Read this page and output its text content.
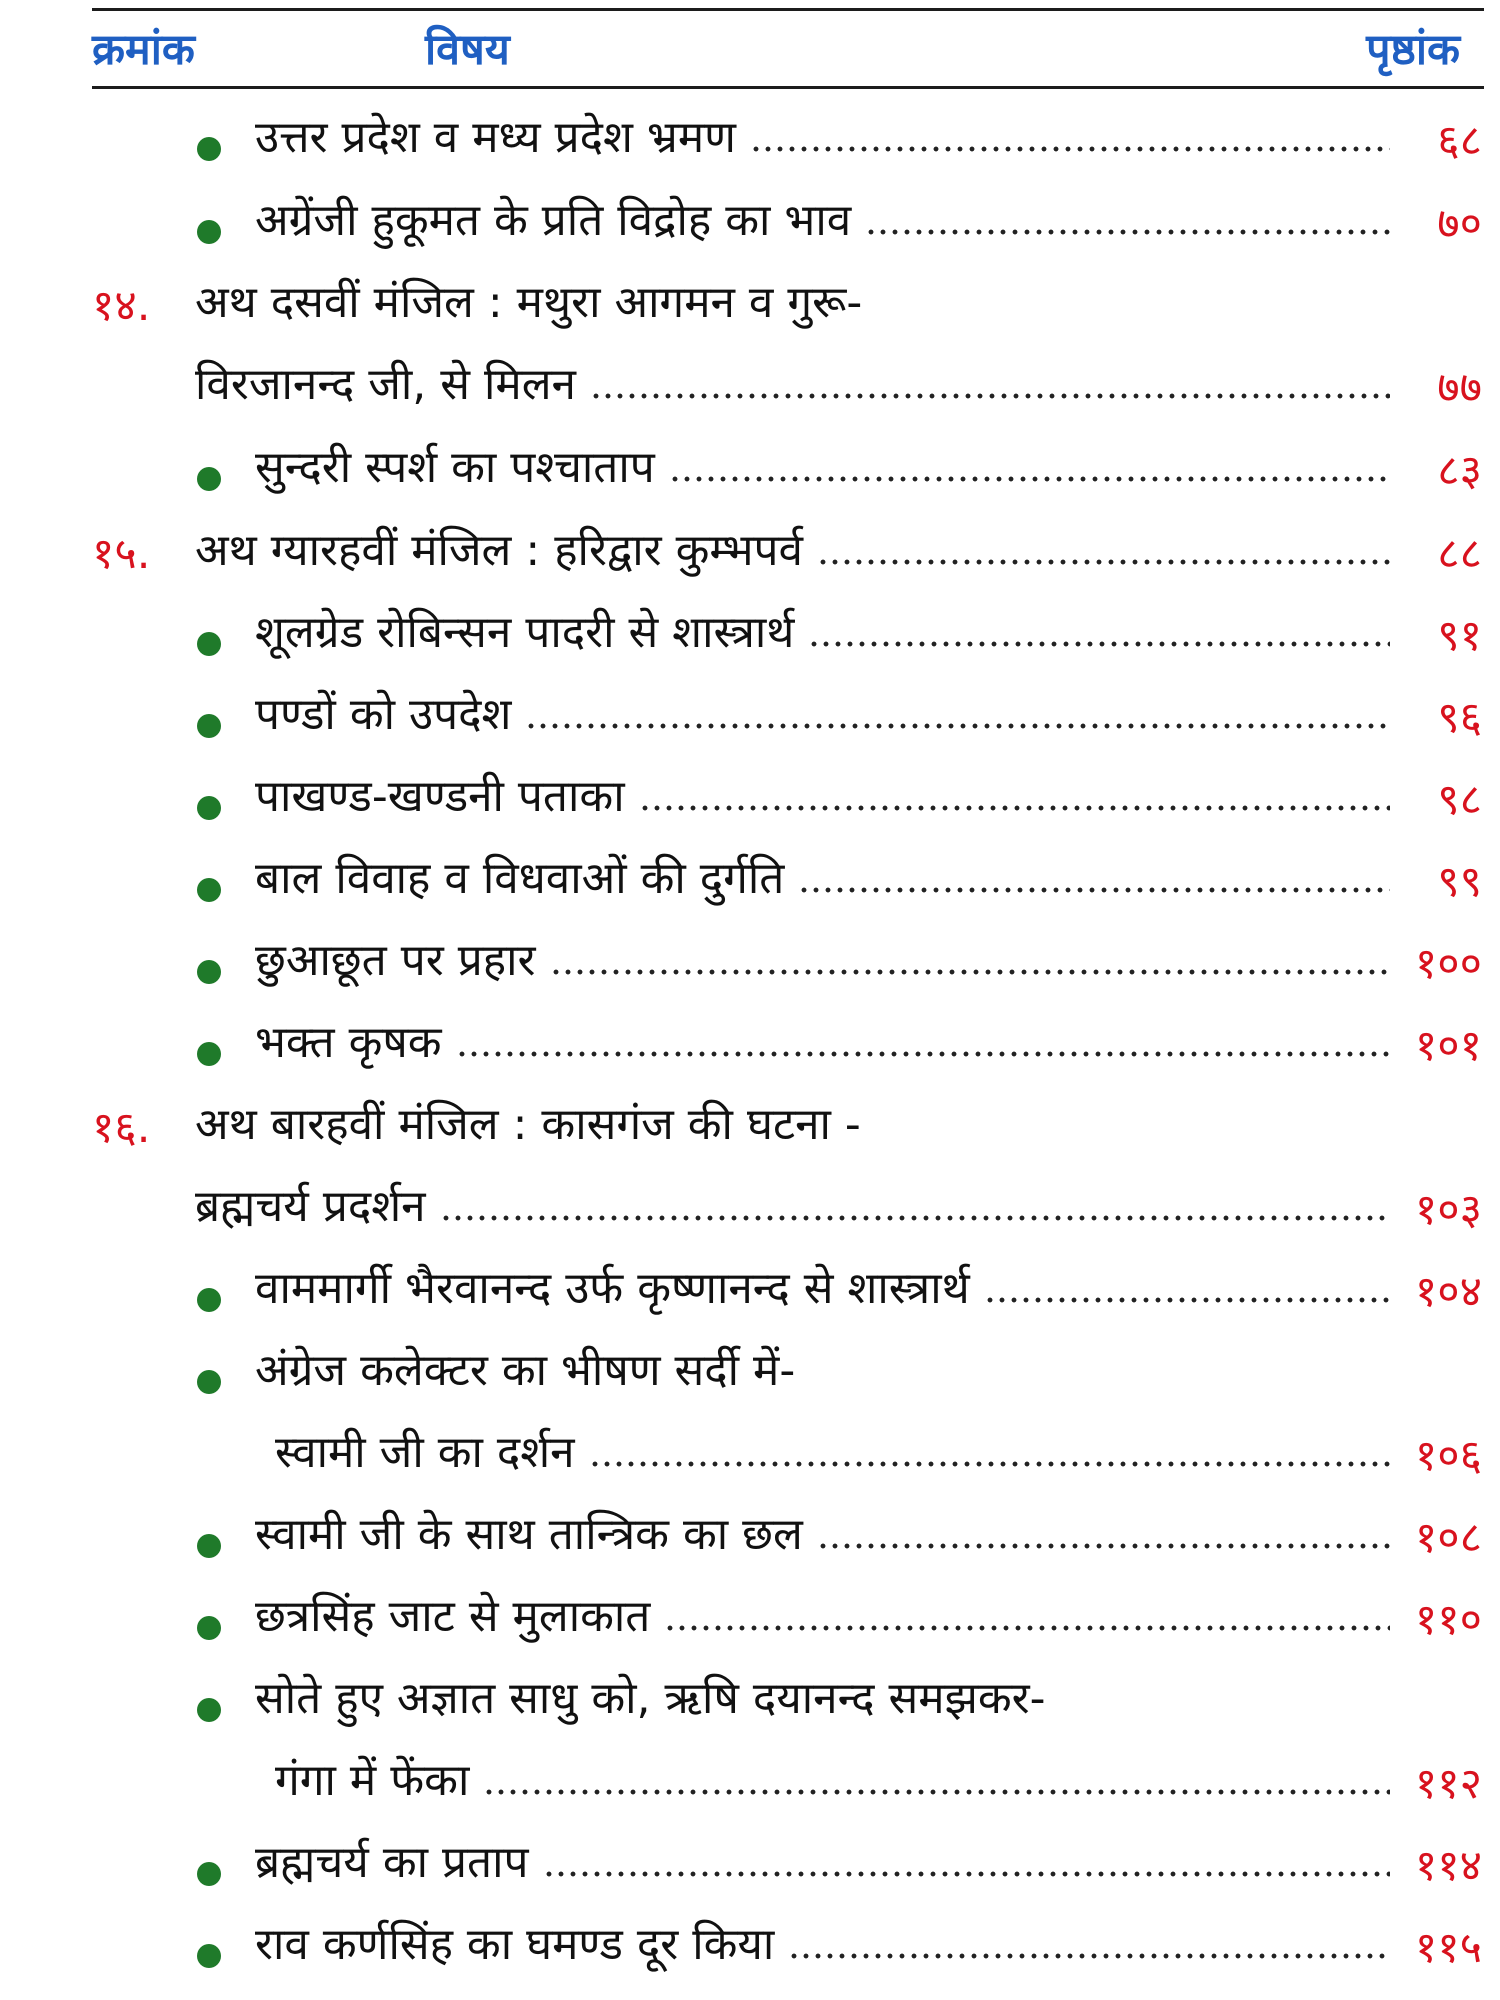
क्रमांक	विषय	पृष्ठांक
उत्तर प्रदेश व मध्य प्रदेश भ्रमण	६८
अग्रेंजी हुकूमत के प्रति विद्रोह का भाव	७०
१४. अथ दसवीं मंजिल : मथुरा आगमन व गुरू-
विरजानन्द जी, से मिलन	७७
सुन्दरी स्पर्श का पश्चाताप	८३
१५. अथ ग्यारहवीं मंजिल : हरिद्वार कुम्भपर्व	८८
शूलग्रेड रोबिन्सन पादरी से शास्त्रार्थ	९१
पण्डों को उपदेश	९६
पाखण्ड-खण्डनी पताका	९८
बाल विवाह व विधवाओं की दुर्गति	९९
छुआछूत पर प्रहार	१००
भक्त कृषक	१०१
१६. अथ बारहवीं मंजिल : कासगंज की घटना -
ब्रह्मचर्य प्रदर्शन	१०३
वाममार्गी भैरवानन्द उर्फ कृष्णानन्द से शास्त्रार्थ	१०४
अंग्रेज कलेक्टर का भीषण सर्दी में-
स्वामी जी का दर्शन	१०६
स्वामी जी के साथ तान्त्रिक का छल	१०८
छत्रसिंह जाट से मुलाकात	११०
सोते हुए अज्ञात साधु को, ऋषि दयानन्द समझकर-
गंगा में फेंका	११२
ब्रह्मचर्य का प्रताप	११४
राव कर्णसिंह का घमण्ड दूर किया	११५
